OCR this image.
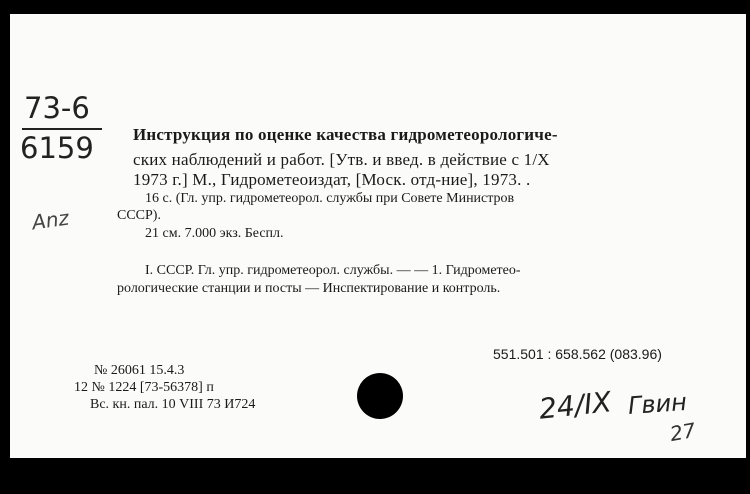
73-6
6159
Anz
Инструкция по оценке качества гидрометеорологиче-
ских наблюдений и работ. [Утв. и введ. в действие с 1/X
1973 г.] М., Гидрометеоиздат, [Моск. отд-ние], 1973. .
16 с. (Гл. упр. гидрометеорол. службы при Совете Министров
СССР).
21 см. 7.000 экз. Беспл.
I. СССР. Гл. упр. гидрометеорол. службы. — — 1. Гидрометео-
рологические станции и посты — Инспектирование и контроль.
551.501 : 658.562 (083.96)
№ 26061 15.4.3
12 № 1224 [73-56378] п
Вс. кн. пал. 10 VIII 73 И724	24/IX Гвин
27
